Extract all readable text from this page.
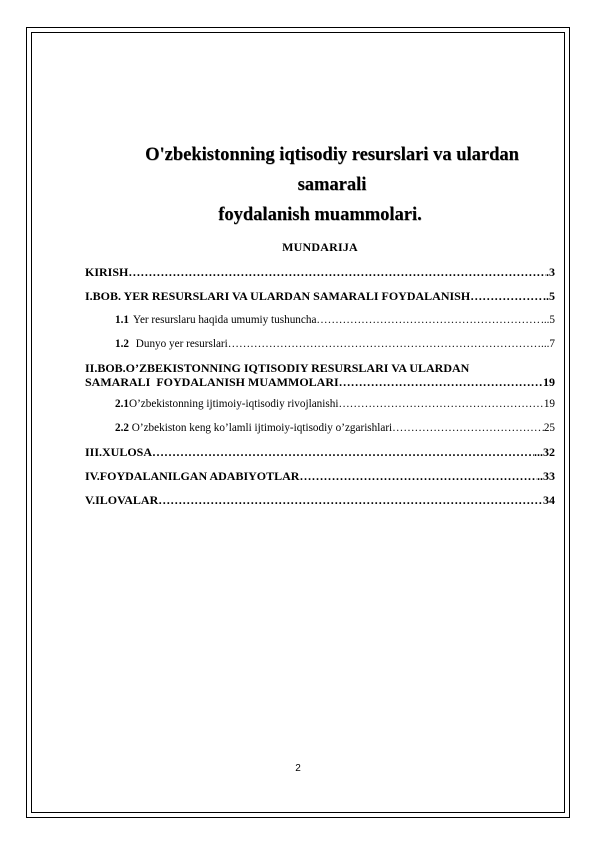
O'zbekistonning iqtisodiy resurslari va ulardan samarali
foydalanish muammolari.
MUNDARIJA
KIRISH …………………………………………………………………………………………………………………………………………………………	.3
I.BOB. YER RESURSLARI VA ULARDAN SAMARALI FOYDALANISH …………………………………………………………………………………………………………………………………………………………	..5
1.1 Yer resurslaru haqida umumiy tushuncha …………………………………………………………………………………………………………………………………………………………	...5
1.2 Dunyo yer resurslari …………………………………………………………………………………………………………………………………………………………	...7
II.BOB.O’ZBEKISTONNING IQTISODIY RESURSLARI VA ULARDAN
SAMARALI  FOYDALANISH MUAMMOLARI …………………………………………………………………………………………………………………………………………………………	19
2.1 O’zbekistonning ijtimoiy-iqtisodiy rivojlanishi …………………………………………………………………………………………………………………………………………………………	19
2.2 O’zbekiston keng ko’lamli ijtimoiy-iqtisodiy o’zgarishlari …………………………………………………………………………………………………………………………………………………………	25
III.XULOSA …………………………………………………………………………………………………………………………………………………………	...32
IV.FOYDALANILGAN ADABIYOTLAR …………………………………………………………………………………………………………………………………………………………	..33
V.ILOVALAR …………………………………………………………………………………………………………………………………………………………	34
2
